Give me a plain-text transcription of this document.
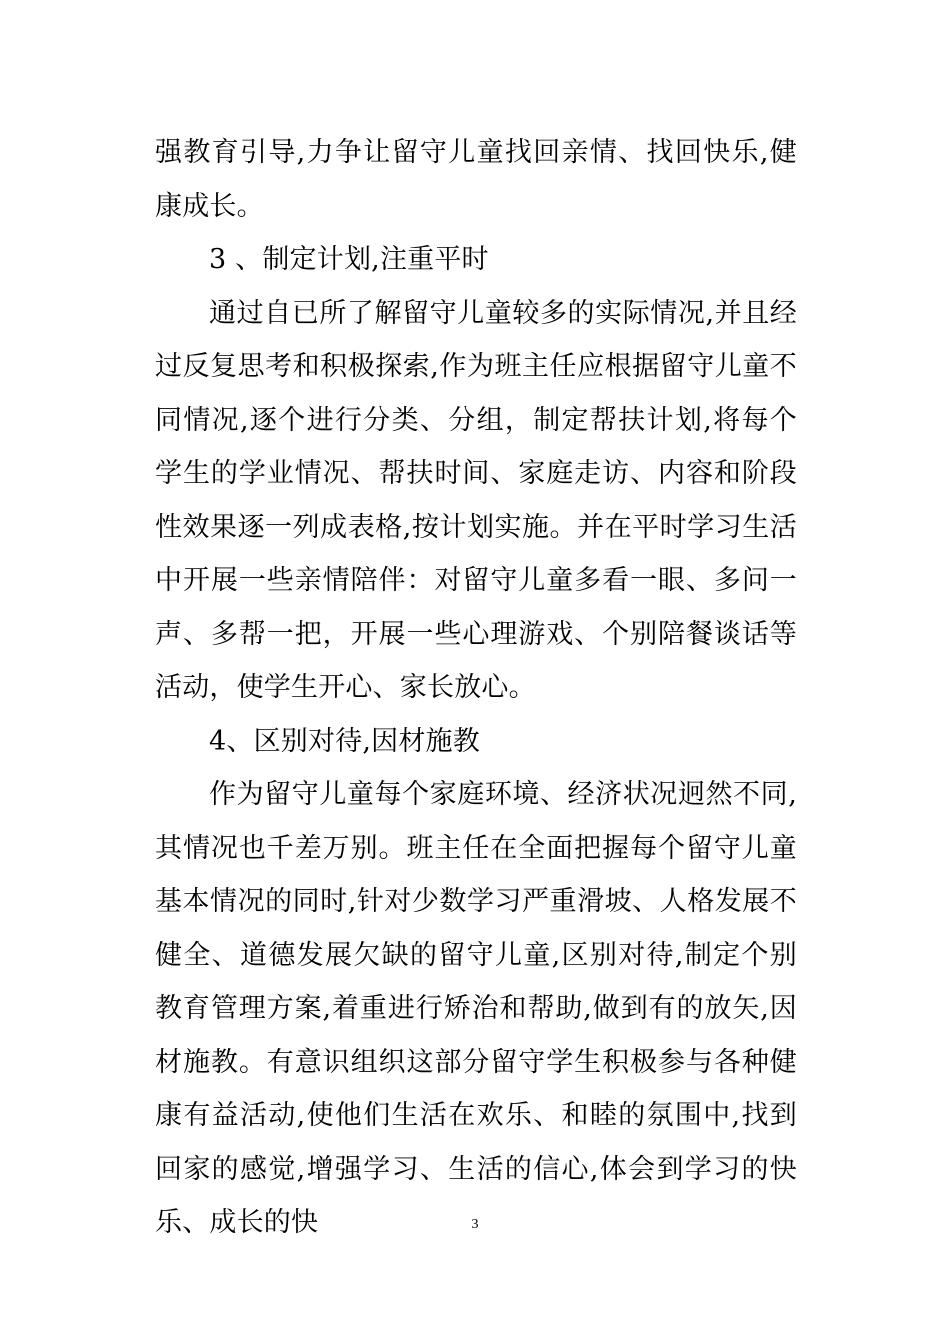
强教育引导,力争让留守儿童找回亲情、找回快乐,健康成长。

3 、制定计划,注重平时

通过自已所了解留守儿童较多的实际情况,并且经过反复思考和积极探索,作为班主任应根据留守儿童不同情况,逐个进行分类、分组，制定帮扶计划,将每个学生的学业情况、帮扶时间、家庭走访、内容和阶段性效果逐一列成表格,按计划实施。并在平时学习生活中开展一些亲情陪伴：对留守儿童多看一眼、多问一声、多帮一把，开展一些心理游戏、个别陪餐谈话等活动，使学生开心、家长放心。

4、区别对待,因材施教

作为留守儿童每个家庭环境、经济状况迥然不同,其情况也千差万别。班主任在全面把握每个留守儿童基本情况的同时,针对少数学习严重滑坡、人格发展不健全、道德发展欠缺的留守儿童,区别对待,制定个别教育管理方案,着重进行矫治和帮助,做到有的放矢,因材施教。有意识组织这部分留守学生积极参与各种健康有益活动,使他们生活在欢乐、和睦的氛围中,找到回家的感觉,增强学习、生活的信心,体会到学习的快乐、成长的快	3
